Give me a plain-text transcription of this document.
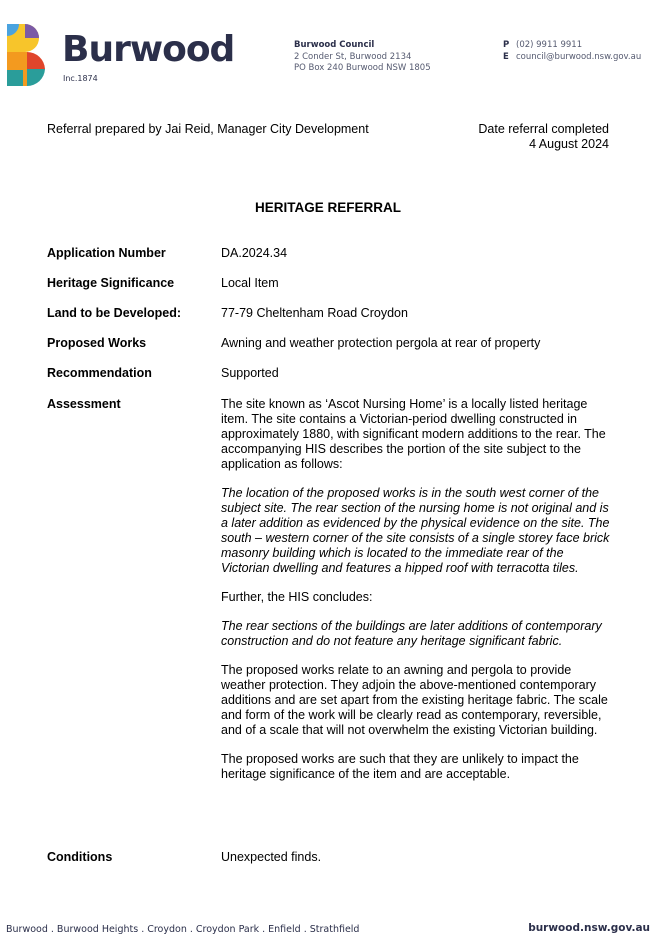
Burwood
Inc.1874
Burwood Council
2 Conder St, Burwood 2134
PO Box 240 Burwood NSW 1805
P (02) 9911 9911
E council@burwood.nsw.gov.au
Referral prepared by Jai Reid, Manager City Development	Date referral completed
4 August 2024
HERITAGE REFERRAL
Application Number	DA.2024.34
Heritage Significance	Local Item
Land to be Developed:	77-79 Cheltenham Road Croydon
Proposed Works	Awning and weather protection pergola at rear of property
Recommendation	Supported
Assessment	The site known as ‘Ascot Nursing Home’ is a locally listed heritage item. The site contains a Victorian-period dwelling constructed in approximately 1880, with significant modern additions to the rear. The accompanying HIS describes the portion of the site subject to the application as follows:

The location of the proposed works is in the south west corner of the subject site. The rear section of the nursing home is not original and is a later addition as evidenced by the physical evidence on the site. The south – western corner of the site consists of a single storey face brick masonry building which is located to the immediate rear of the Victorian dwelling and features a hipped roof with terracotta tiles.

Further, the HIS concludes:

The rear sections of the buildings are later additions of contemporary construction and do not feature any heritage significant fabric.

The proposed works relate to an awning and pergola to provide weather protection. They adjoin the above-mentioned contemporary additions and are set apart from the existing heritage fabric. The scale and form of the work will be clearly read as contemporary, reversible, and of a scale that will not overwhelm the existing Victorian building.

The proposed works are such that they are unlikely to impact the heritage significance of the item and are acceptable.

Conditions	Unexpected finds.
Burwood . Burwood Heights . Croydon . Croydon Park . Enfield . Strathfield	burwood.nsw.gov.au
